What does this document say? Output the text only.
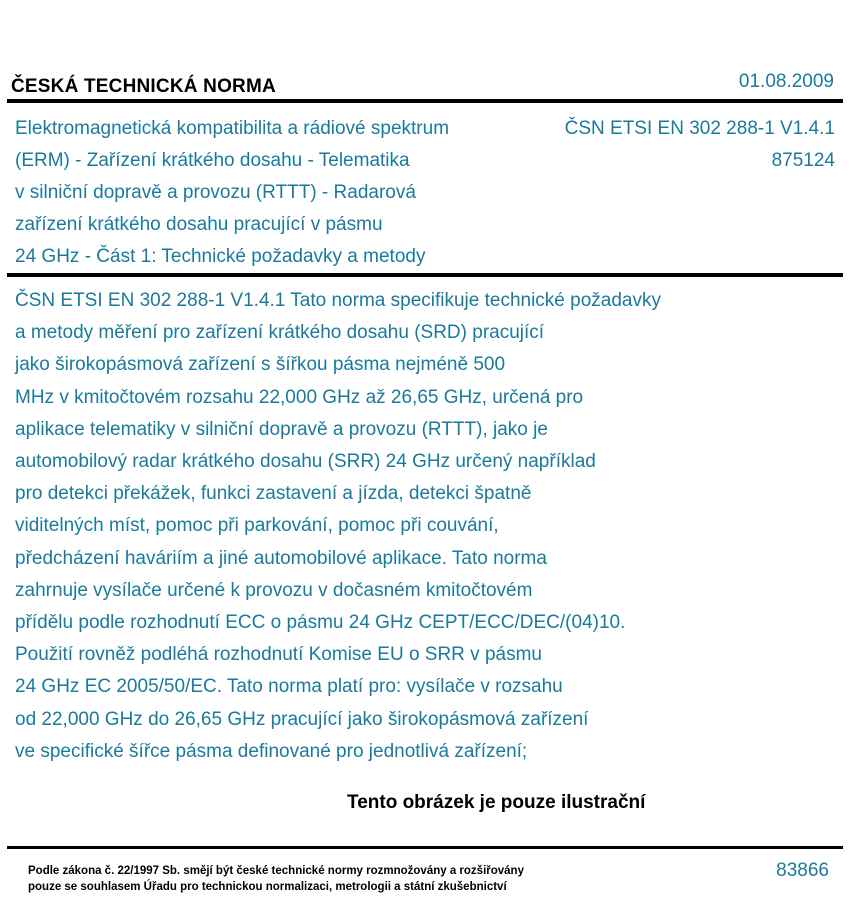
ČESKÁ TECHNICKÁ NORMA	01.08.2009
Elektromagnetická kompatibilita a rádiové spektrum
(ERM) - Zařízení krátkého dosahu - Telematika
v silniční dopravě a provozu (RTTT) - Radarová
zařízení krátkého dosahu pracující v pásmu
24 GHz - Část 1: Technické požadavky a metody
ČSN ETSI EN 302 288-1 V1.4.1
875124
ČSN ETSI EN 302 288-1 V1.4.1 Tato norma specifikuje technické požadavky
a metody měření pro zařízení krátkého dosahu (SRD) pracující
jako širokopásmová zařízení s šířkou pásma nejméně 500
MHz v kmitočtovém rozsahu 22,000 GHz až 26,65 GHz, určená pro
aplikace telematiky v silniční dopravě a provozu (RTTT), jako je
automobilový radar krátkého dosahu (SRR) 24 GHz určený například
pro detekci překážek, funkci zastavení a jízda, detekci špatně
viditelných míst, pomoc při parkování, pomoc při couvání,
předcházení haváriím a jiné automobilové aplikace. Tato norma
zahrnuje vysílače určené k provozu v dočasném kmitočtovém
přídělu podle rozhodnutí ECC o pásmu 24 GHz CEPT/ECC/DEC/(04)10.
Použití rovněž podléhá rozhodnutí Komise EU o SRR v pásmu
24 GHz EC 2005/50/EC. Tato norma platí pro: vysílače v rozsahu
od 22,000 GHz do 26,65 GHz pracující jako širokopásmová zařízení
ve specifické šířce pásma definované pro jednotlivá zařízení;
Tento obrázek je pouze ilustrační
Podle zákona č. 22/1997 Sb. smějí být české technické normy rozmnožovány a rozšiřovány
pouze se souhlasem Úřadu pro technickou normalizaci, metrologii a státní zkušebnictví
83866
